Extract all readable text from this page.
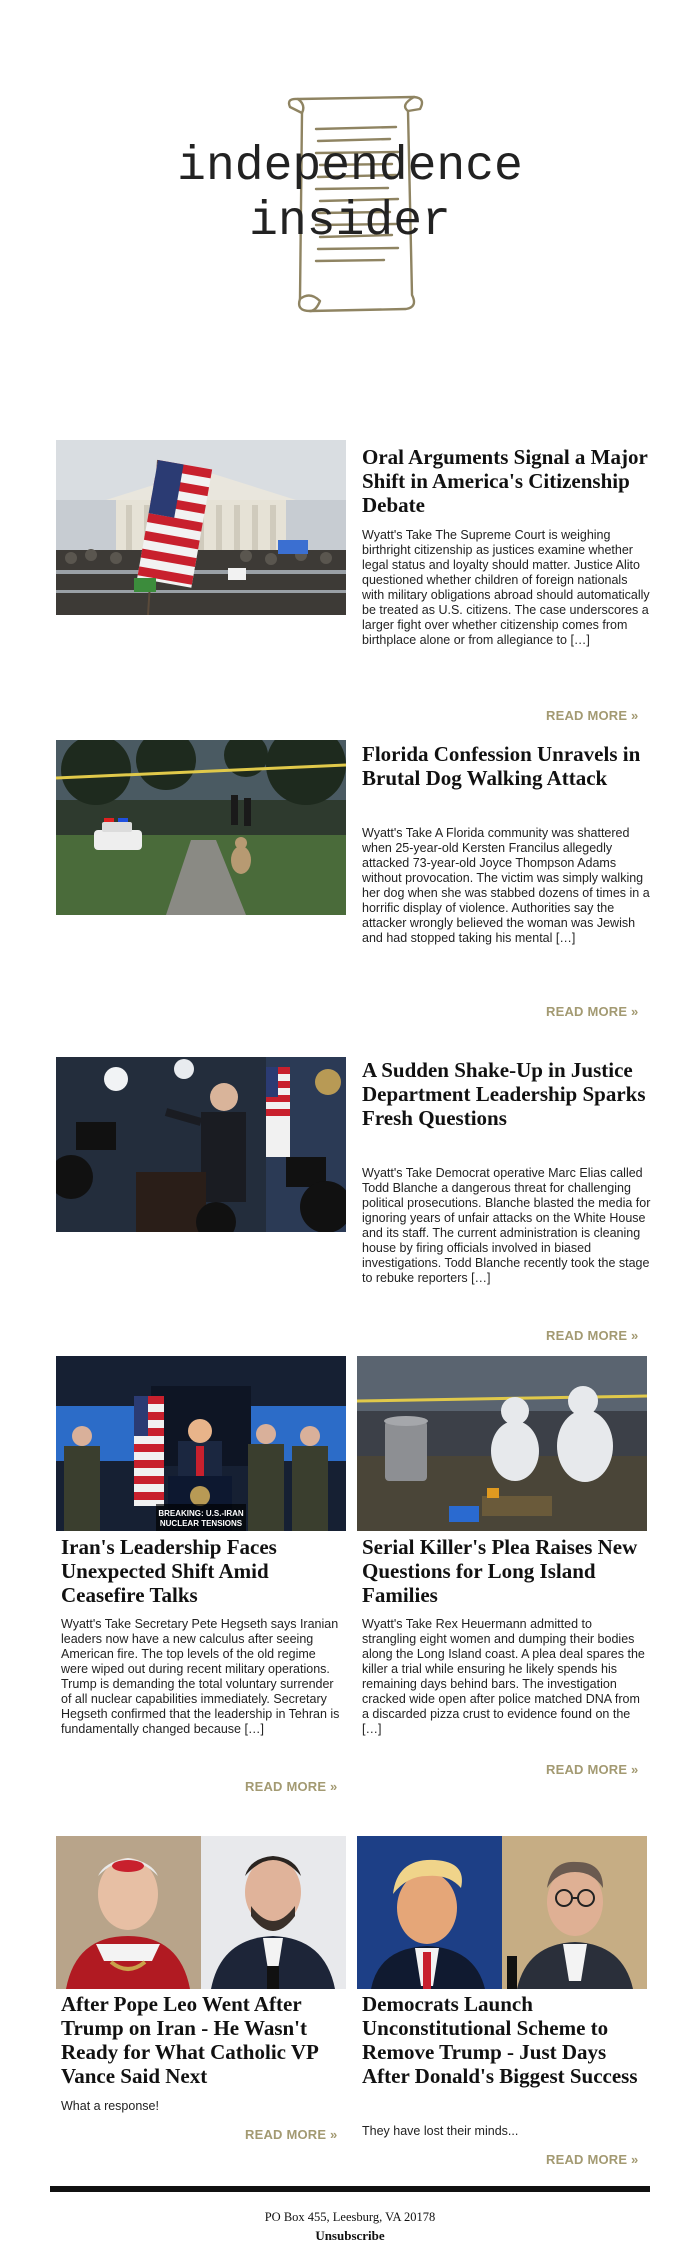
independence
insider
Oral Arguments Signal a Major Shift in America's Citizenship Debate
Wyatt's Take The Supreme Court is weighing birthright citizenship as justices examine whether legal status and loyalty should matter. Justice Alito questioned whether children of foreign nationals with military obligations abroad should automatically be treated as U.S. citizens. The case underscores a larger fight over whether citizenship comes from birthplace alone or from allegiance to […]
READ MORE »
Florida Confession Unravels in Brutal Dog Walking Attack
Wyatt's Take A Florida community was shattered when 25-year-old Kersten Francilus allegedly attacked 73-year-old Joyce Thompson Adams without provocation. The victim was simply walking her dog when she was stabbed dozens of times in a horrific display of violence. Authorities say the attacker wrongly believed the woman was Jewish and had stopped taking his mental […]
READ MORE »
A Sudden Shake-Up in Justice Department Leadership Sparks Fresh Questions
Wyatt's Take Democrat operative Marc Elias called Todd Blanche a dangerous threat for challenging political prosecutions. Blanche blasted the media for ignoring years of unfair attacks on the White House and its staff. The current administration is cleaning house by firing officials involved in biased investigations. Todd Blanche recently took the stage to rebuke reporters […]
READ MORE »
BREAKING: U.S.-IRAN
NUCLEAR TENSIONS
Iran's Leadership Faces Unexpected Shift Amid Ceasefire Talks
Wyatt's Take Secretary Pete Hegseth says Iranian leaders now have a new calculus after seeing American fire. The top levels of the old regime were wiped out during recent military operations. Trump is demanding the total voluntary surrender of all nuclear capabilities immediately. Secretary Hegseth confirmed that the leadership in Tehran is fundamentally changed because […]
READ MORE »
Serial Killer's Plea Raises New Questions for Long Island Families
Wyatt's Take Rex Heuermann admitted to strangling eight women and dumping their bodies along the Long Island coast. A plea deal spares the killer a trial while ensuring he likely spends his remaining days behind bars. The investigation cracked wide open after police matched DNA from a discarded pizza crust to evidence found on the […]
READ MORE »
After Pope Leo Went After Trump on Iran - He Wasn't Ready for What Catholic VP Vance Said Next
What a response!
READ MORE »
Democrats Launch Unconstitutional Scheme to Remove Trump - Just Days After Donald's Biggest Success
They have lost their minds...
READ MORE »
PO Box 455, Leesburg, VA 20178
Unsubscribe
